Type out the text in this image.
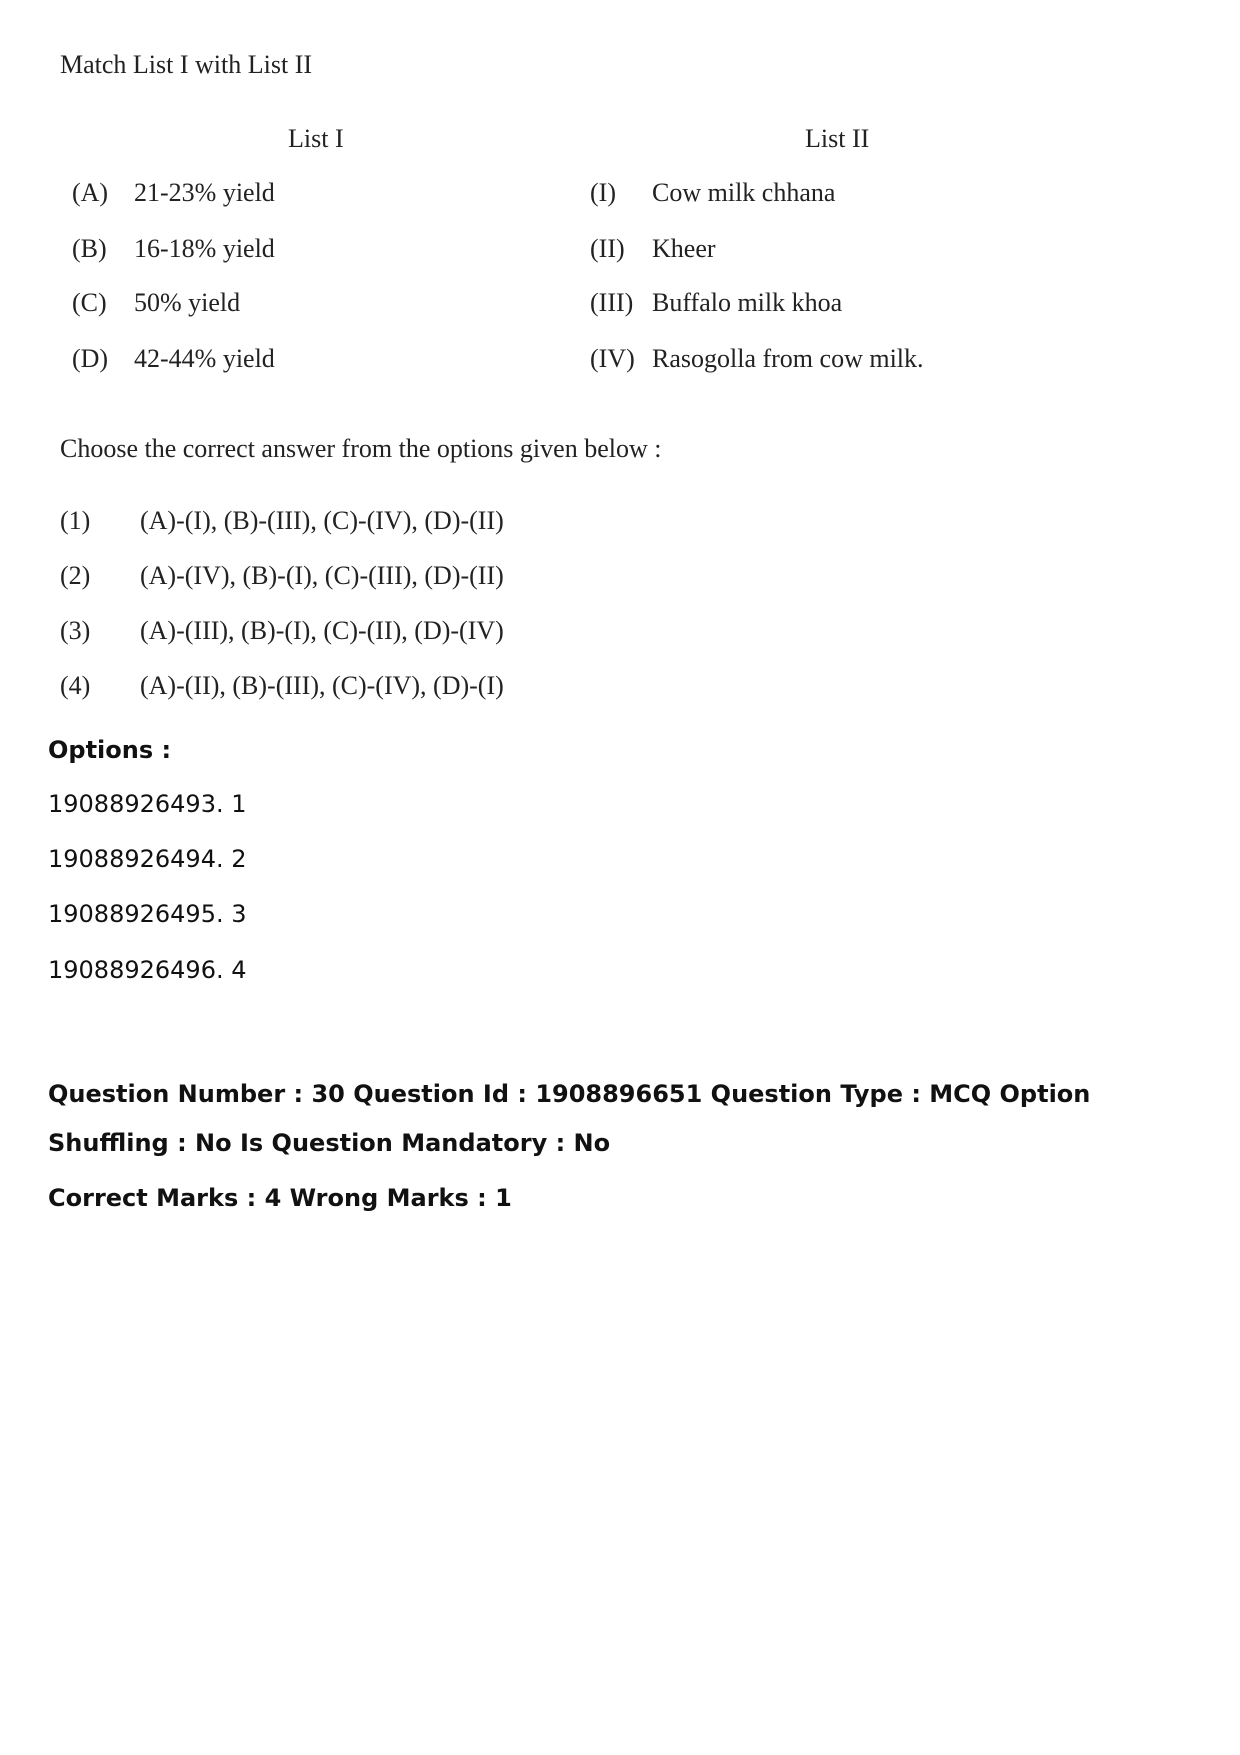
Match List I with List II

List I	List II
(A) 21-23% yield
(B) 16-18% yield
(C) 50% yield
(D) 42-44% yield
(I) Cow milk chhana
(II) Kheer
(III) Buffalo milk khoa
(IV) Rasogolla from cow milk.

Choose the correct answer from the options given below :

(1) (A)-(I), (B)-(III), (C)-(IV), (D)-(II)
(2) (A)-(IV), (B)-(I), (C)-(III), (D)-(II)
(3) (A)-(III), (B)-(I), (C)-(II), (D)-(IV)
(4) (A)-(II), (B)-(III), (C)-(IV), (D)-(I)

Options :

19088926493. 1
19088926494. 2
19088926495. 3
19088926496. 4

Question Number : 30 Question Id : 1908896651 Question Type : MCQ Option Shuffling : No Is Question Mandatory : No

Correct Marks : 4 Wrong Marks : 1
